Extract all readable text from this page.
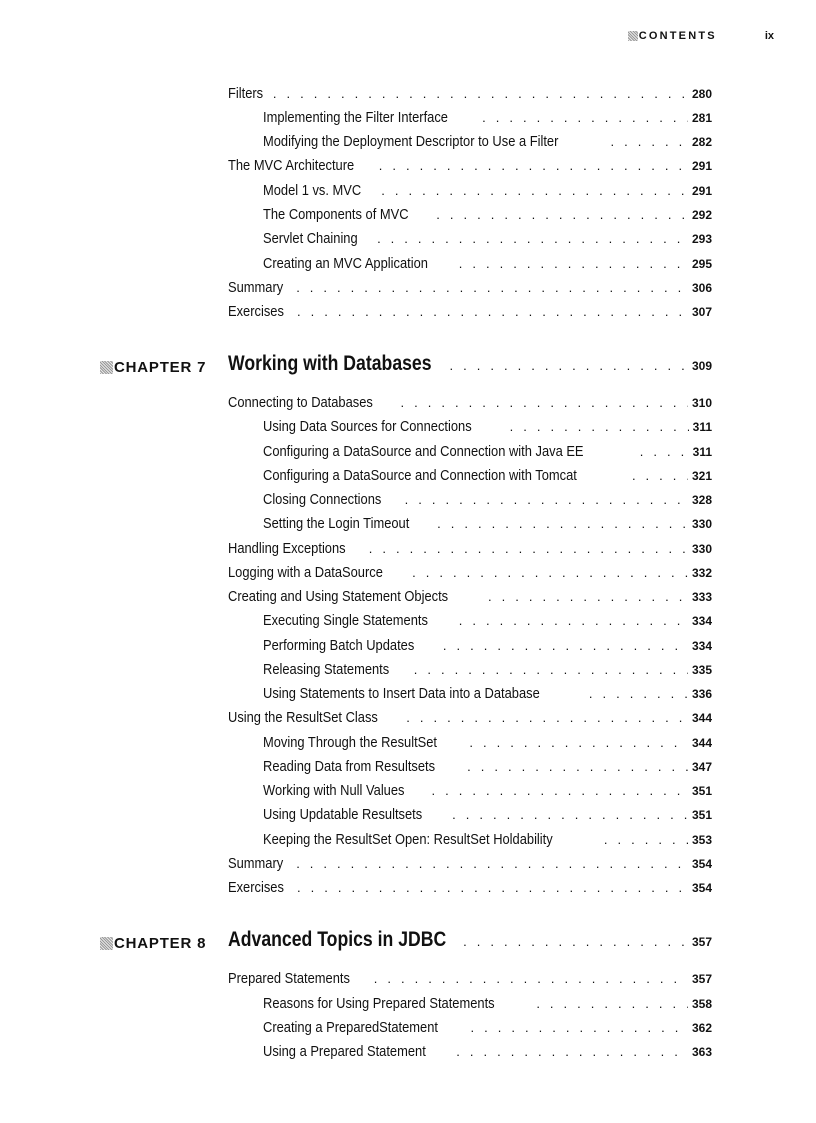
CONTENTS	ix
Filters . . .	280
Implementing the Filter Interface . . .	281
Modifying the Deployment Descriptor to Use a Filter . . .	282
The MVC Architecture . . .	291
Model 1 vs. MVC . . .	291
The Components of MVC . . .	292
Servlet Chaining . . .	293
Creating an MVC Application . . .	295
Summary . . .	306
Exercises . . .	307
CHAPTER 7 Working with Databases . . .	309
Connecting to Databases . . .	310
Using Data Sources for Connections . . .	311
Configuring a DataSource and Connection with Java EE . . .	311
Configuring a DataSource and Connection with Tomcat . . .	321
Closing Connections . . .	328
Setting the Login Timeout . . .	330
Handling Exceptions . . .	330
Logging with a DataSource . . .	332
Creating and Using Statement Objects . . .	333
Executing Single Statements . . .	334
Performing Batch Updates . . .	334
Releasing Statements . . .	335
Using Statements to Insert Data into a Database . . .	336
Using the ResultSet Class . . .	344
Moving Through the ResultSet . . .	344
Reading Data from Resultsets . . .	347
Working with Null Values . . .	351
Using Updatable Resultsets . . .	351
Keeping the ResultSet Open: ResultSet Holdability . . .	353
Summary . . .	354
Exercises . . .	354
CHAPTER 8 Advanced Topics in JDBC . . .	357
Prepared Statements . . .	357
Reasons for Using Prepared Statements . . .	358
Creating a PreparedStatement . . .	362
Using a Prepared Statement . . .	363
